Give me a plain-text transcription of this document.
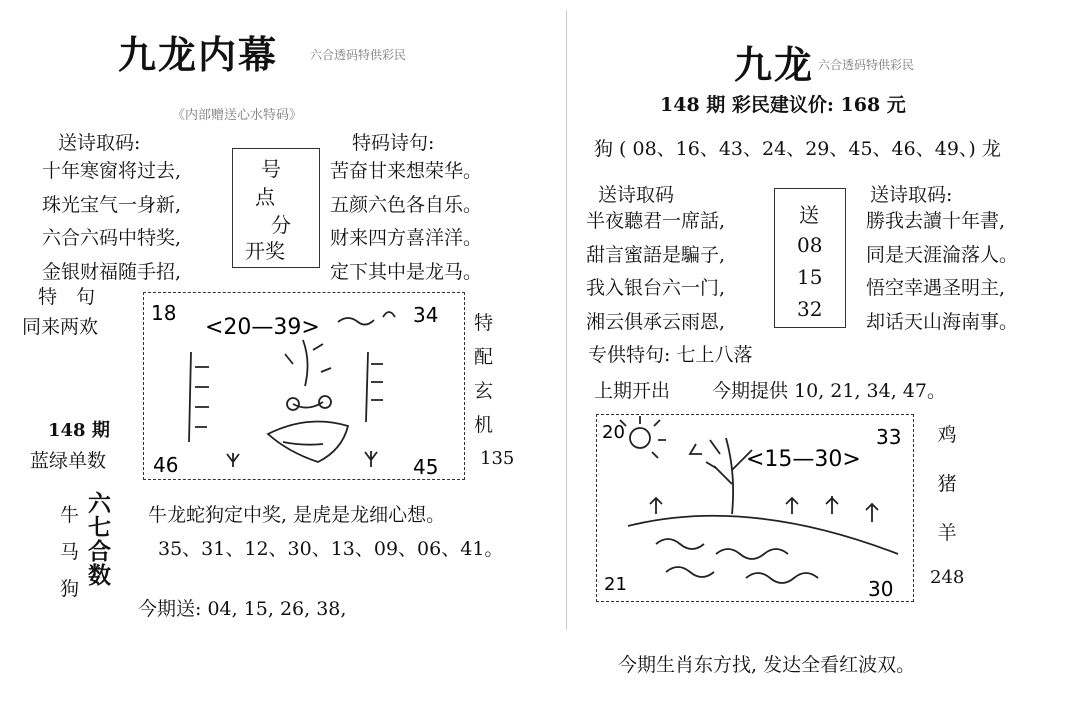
九龙内幕	六合透码特供彩民
《内部赠送心水特码》
送诗取码:
十年寒窗将过去,
珠光宝气一身新,
六合六码中特奖,
金银财福随手招,
号
点
分
开奖
特码诗句:
苦奋甘来想荣华。
五颜六色各自乐。
财来四方喜洋洋。
定下其中是龙马。
特　句
同来两欢
148 期
蓝绿单数
18	34
46	45
<20—39>	特
配
玄
机
135
牛
马
狗
六
七
合
数
牛龙蛇狗定中奖, 是虎是龙细心想。
35、31、12、30、13、09、06、41。
今期送: 04, 15, 26, 38,
九龙 六合透码特供彩民
148 期 彩民建议价: 168 元
狗 ( 08、16、43、24、29、45、46、49、) 龙
送诗取码
半夜聽君一席話,
甜言蜜語是騙子,
我入银台六一门,
湘云俱承云雨恩,
送
08
15
32
送诗取码:
勝我去讀十年書,
同是天涯淪落人。
悟空幸遇圣明主,
却话天山海南事。
专供特句: 七上八落
上期开出 今期提供 10, 21, 34, 47。
20	33
21	30
<15—30>
鸡
猪
羊
248
今期生肖东方找, 发达全看红波双。
